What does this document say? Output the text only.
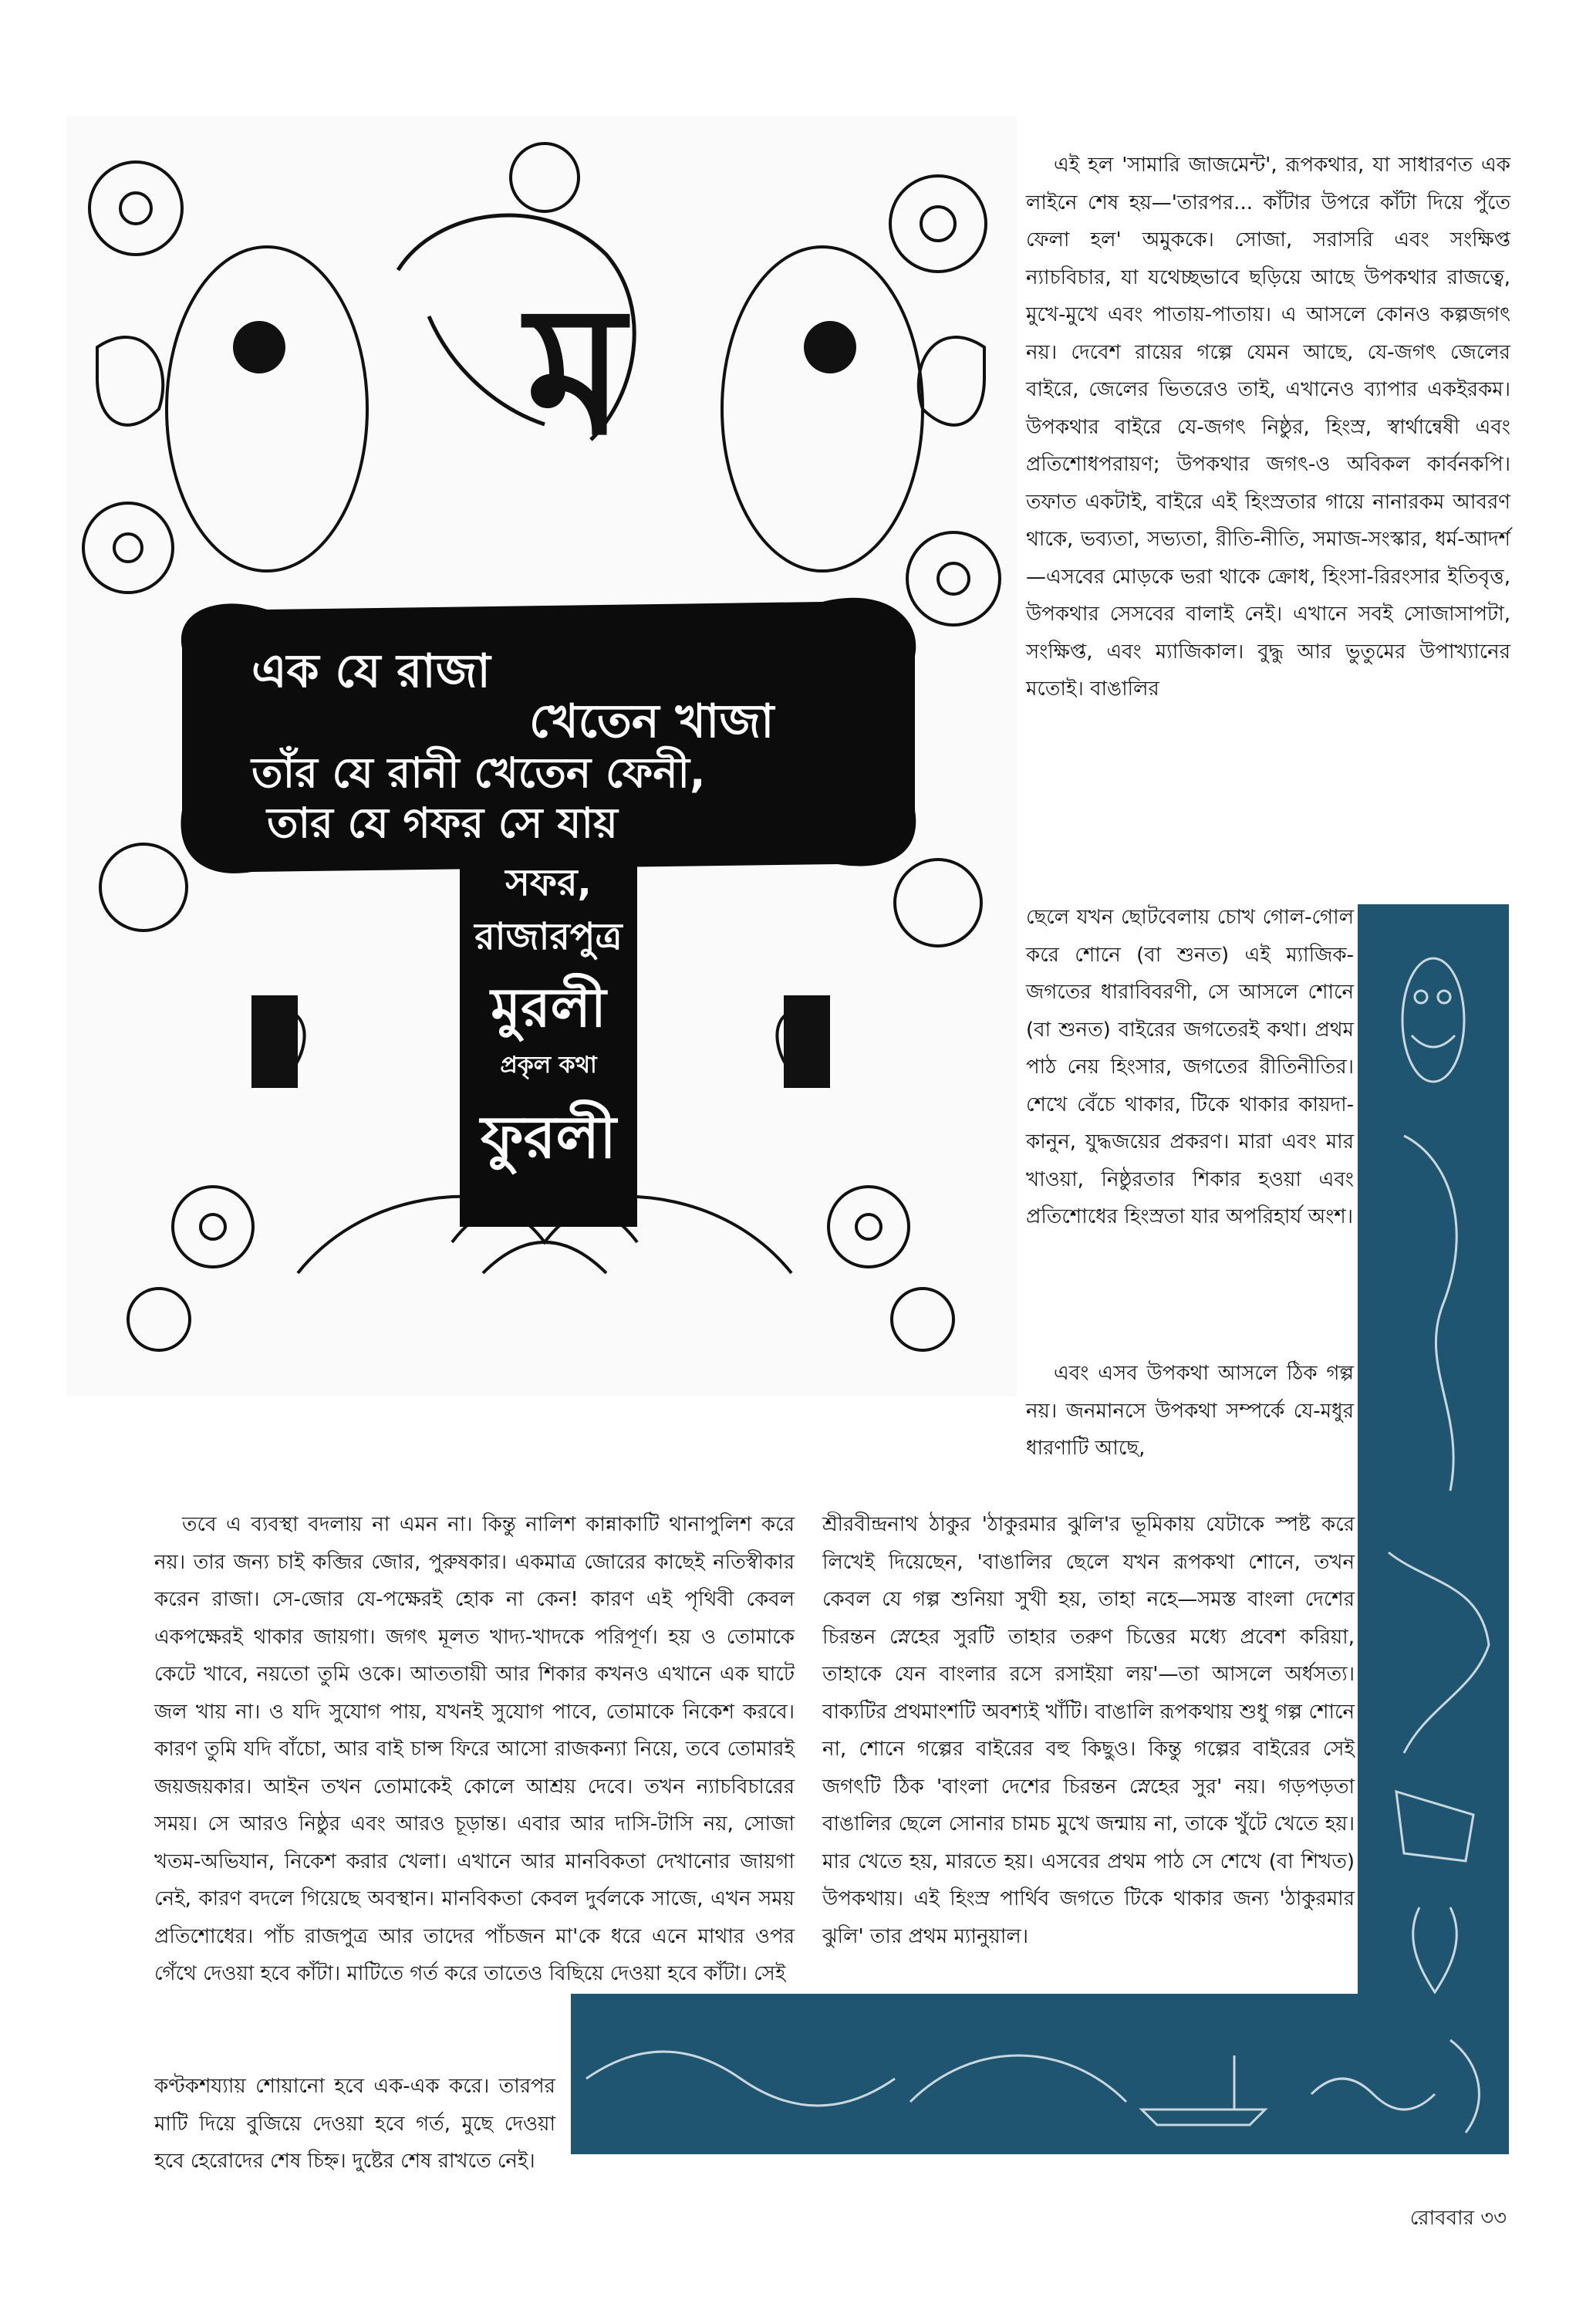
ম
এক যে রাজা
খেতেন খাজা
তাঁর যে রানী খেতেন ফেনী,
তার যে গফর সে যায়
সফর,
রাজারপুত্র
মুরলী
প্রকৃল কথা
ফুরলী

এই হল 'সামারি জাজমেন্ট', রূপকথার, যা সাধারণত এক লাইনে শেষ হয়—'তারপর... কাঁটার উপরে কাঁটা দিয়ে পুঁতে ফেলা হল' অমুককে। সোজা, সরাসরি এবং সংক্ষিপ্ত ন্যাচবিচার, যা যথেচ্ছভাবে ছড়িয়ে আছে উপকথার রাজত্বে, মুখে-মুখে এবং পাতায়-পাতায়। এ আসলে কোনও কল্পজগৎ নয়। দেবেশ রায়ের গল্পে যেমন আছে, যে-জগৎ জেলের বাইরে, জেলের ভিতরেও তাই, এখানেও ব্যাপার একইরকম। উপকথার বাইরে যে-জগৎ নিষ্ঠুর, হিংস্র, স্বার্থান্বেষী এবং প্রতিশোধপরায়ণ; উপকথার জগৎ-ও অবিকল কার্বনকপি। তফাত একটাই, বাইরে এই হিংস্রতার গায়ে নানারকম আবরণ থাকে, ভব্যতা, সভ্যতা, রীতি-নীতি, সমাজ-সংস্কার, ধর্ম-আদর্শ—এসবের মোড়কে ভরা থাকে ক্রোধ, হিংসা-রিরংসার ইতিবৃত্ত, উপকথার সেসবের বালাই নেই। এখানে সবই সোজাসাপটা, সংক্ষিপ্ত, এবং ম্যাজিকাল। বুদ্ধু আর ভুতুমের উপাখ্যানের মতোই। বাঙালির

ছেলে যখন ছোটবেলায় চোখ গোল-গোল করে শোনে (বা শুনত) এই ম্যাজিক-জগতের ধারাবিবরণী, সে আসলে শোনে (বা শুনত) বাইরের জগতেরই কথা। প্রথম পাঠ নেয় হিংসার, জগতের রীতিনীতির। শেখে বেঁচে থাকার, টিকে থাকার কায়দা-কানুন, যুদ্ধজয়ের প্রকরণ। মারা এবং মার খাওয়া, নিষ্ঠুরতার শিকার হওয়া এবং প্রতিশোধের হিংস্রতা যার অপরিহার্য অংশ।

এবং এসব উপকথা আসলে ঠিক গল্প নয়। জনমানসে উপকথা সম্পর্কে যে-মধুর ধারণাটি আছে,

শ্রীরবীন্দ্রনাথ ঠাকুর 'ঠাকুরমার ঝুলি'র ভূমিকায় যেটাকে স্পষ্ট করে লিখেই দিয়েছেন, 'বাঙালির ছেলে যখন রূপকথা শোনে, তখন কেবল যে গল্প শুনিয়া সুখী হয়, তাহা নহে—সমস্ত বাংলা দেশের চিরন্তন স্নেহের সুরটি তাহার তরুণ চিত্তের মধ্যে প্রবেশ করিয়া, তাহাকে যেন বাংলার রসে রসাইয়া লয়'—তা আসলে অর্ধসত্য। বাক্যটির প্রথমাংশটি অবশ্যই খাঁটি। বাঙালি রূপকথায় শুধু গল্প শোনে না, শোনে গল্পের বাইরের বহু কিছুও। কিন্তু গল্পের বাইরের সেই জগৎটি ঠিক 'বাংলা দেশের চিরন্তন স্নেহের সুর' নয়। গড়পড়তা বাঙালির ছেলে সোনার চামচ মুখে জন্মায় না, তাকে খুঁটে খেতে হয়। মার খেতে হয়, মারতে হয়। এসবের প্রথম পাঠ সে শেখে (বা শিখত) উপকথায়। এই হিংস্র পার্থিব জগতে টিকে থাকার জন্য 'ঠাকুরমার ঝুলি' তার প্রথম ম্যানুয়াল।

তবে এ ব্যবস্থা বদলায় না এমন না। কিন্তু নালিশ কান্নাকাটি থানাপুলিশ করে নয়। তার জন্য চাই কব্জির জোর, পুরুষকার। একমাত্র জোরের কাছেই নতিস্বীকার করেন রাজা। সে-জোর যে-পক্ষেরই হোক না কেন! কারণ এই পৃথিবী কেবল একপক্ষেরই থাকার জায়গা। জগৎ মূলত খাদ্য-খাদকে পরিপূর্ণ। হয় ও তোমাকে কেটে খাবে, নয়তো তুমি ওকে। আততায়ী আর শিকার কখনও এখানে এক ঘাটে জল খায় না। ও যদি সুযোগ পায়, যখনই সুযোগ পাবে, তোমাকে নিকেশ করবে। কারণ তুমি যদি বাঁচো, আর বাই চান্স ফিরে আসো রাজকন্যা নিয়ে, তবে তোমারই জয়জয়কার। আইন তখন তোমাকেই কোলে আশ্রয় দেবে। তখন ন্যাচবিচারের সময়। সে আরও নিষ্ঠুর এবং আরও চূড়ান্ত। এবার আর দাসি-টাসি নয়, সোজা খতম-অভিযান, নিকেশ করার খেলা। এখানে আর মানবিকতা দেখানোর জায়গা নেই, কারণ বদলে গিয়েছে অবস্থান। মানবিকতা কেবল দুর্বলকে সাজে, এখন সময় প্রতিশোধের। পাঁচ রাজপুত্র আর তাদের পাঁচজন মা'কে ধরে এনে মাথার ওপর গেঁথে দেওয়া হবে কাঁটা। মাটিতে গর্ত করে তাতেও বিছিয়ে দেওয়া হবে কাঁটা। সেই

কণ্টকশয্যায় শোয়ানো হবে এক-এক করে। তারপর মাটি দিয়ে বুজিয়ে দেওয়া হবে গর্ত, মুছে দেওয়া হবে হেরোদের শেষ চিহ্ন। দুষ্টের শেষ রাখতে নেই।

রোববার ৩৩
